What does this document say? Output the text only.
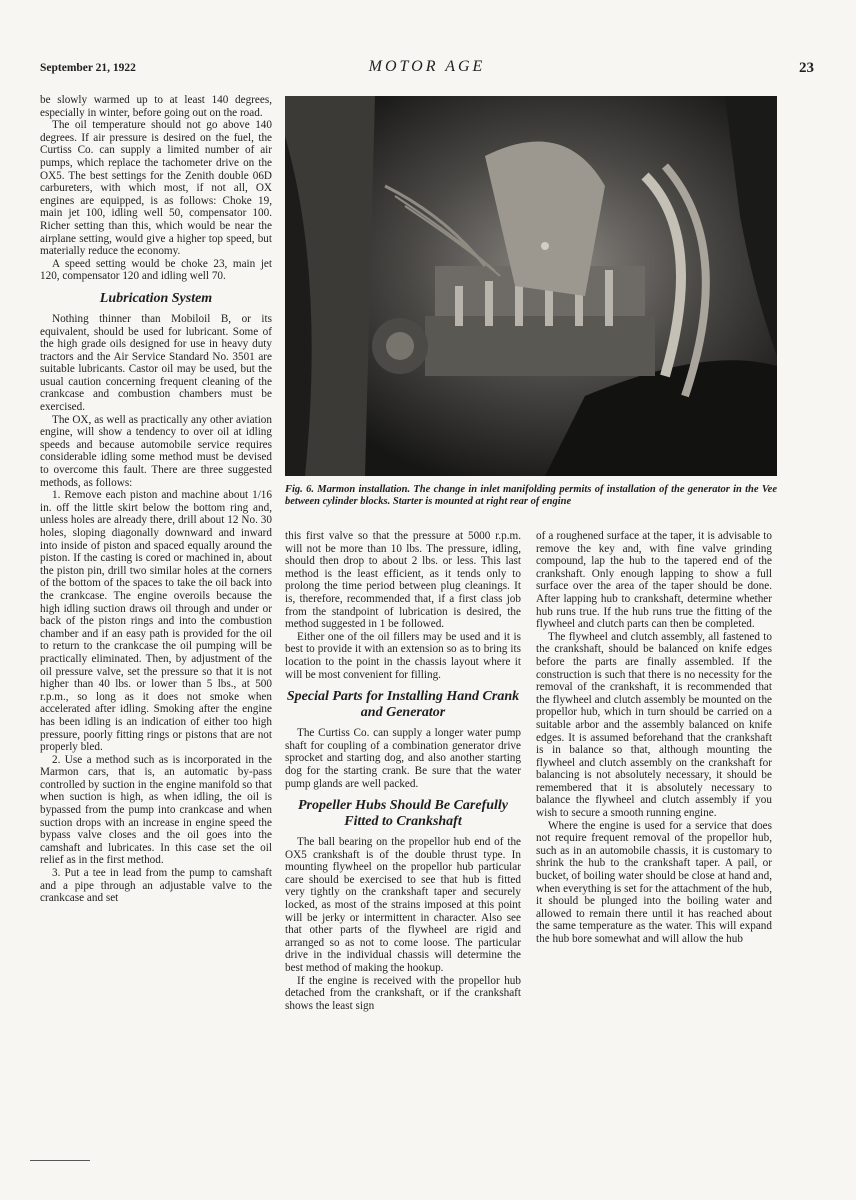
September 21, 1922	MOTOR AGE	23

be slowly warmed up to at least 140 degrees, especially in winter, before going out on the road.

The oil temperature should not go above 140 degrees. If air pressure is desired on the fuel, the Curtiss Co. can supply a limited number of air pumps, which replace the tachometer drive on the OX5. The best settings for the Zenith double 06D carbureters, with which most, if not all, OX engines are equipped, is as follows: Choke 19, main jet 100, idling well 50, compensator 100. Richer setting than this, which would be near the airplane setting, would give a higher top speed, but materially reduce the economy.

A speed setting would be choke 23, main jet 120, compensator 120 and idling well 70.

Lubrication System

Nothing thinner than Mobiloil B, or its equivalent, should be used for lubricant. Some of the high grade oils designed for use in heavy duty tractors and the Air Service Standard No. 3501 are suitable lubricants. Castor oil may be used, but the usual caution concerning frequent cleaning of the crankcase and combustion chambers must be exercised.

The OX, as well as practically any other aviation engine, will show a tendency to over oil at idling speeds and because automobile service requires considerable idling some method must be devised to overcome this fault. There are three suggested methods, as follows:

1. Remove each piston and machine about 1/16 in. off the little skirt below the bottom ring and, unless holes are already there, drill about 12 No. 30 holes, sloping diagonally downward and inward into inside of piston and spaced equally around the piston. If the casting is cored or machined in, about the piston pin, drill two similar holes at the corners of the bottom of the spaces to take the oil back into the crankcase. The engine overoils because the high idling suction draws oil through and under or back of the piston rings and into the combustion chamber and if an easy path is provided for the oil to return to the crankcase the oil pumping will be practically eliminated. Then, by adjustment of the oil pressure valve, set the pressure so that it is not higher than 40 lbs. or lower than 5 lbs., at 500 r.p.m., so long as it does not smoke when accelerated after idling. Smoking after the engine has been idling is an indication of either too high pressure, poorly fitting rings or pistons that are not properly bled.

2. Use a method such as is incorporated in the Marmon cars, that is, an automatic by-pass controlled by suction in the engine manifold so that when suction is high, as when idling, the oil is bypassed from the pump into crankcase and when suction drops with an increase in engine speed the bypass valve closes and the oil goes into the camshaft and lubricates. In this case set the oil relief as in the first method.

3. Put a tee in lead from the pump to camshaft and a pipe through an adjustable valve to the crankcase and set

Fig. 6. Marmon installation. The change in inlet manifolding permits of installation of the generator in the Vee between cylinder blocks. Starter is mounted at right rear of engine

this first valve so that the pressure at 5000 r.p.m. will not be more than 10 lbs. The pressure, idling, should then drop to about 2 lbs. or less. This last method is the least efficient, as it tends only to prolong the time period between plug cleanings. It is, therefore, recommended that, if a first class job from the standpoint of lubrication is desired, the method suggested in 1 be followed.

Either one of the oil fillers may be used and it is best to provide it with an extension so as to bring its location to the point in the chassis layout where it will be most convenient for filling.

Special Parts for Installing Hand Crank and Generator

The Curtiss Co. can supply a longer water pump shaft for coupling of a combination generator drive sprocket and starting dog, and also another starting dog for the starting crank. Be sure that the water pump glands are well packed.

Propeller Hubs Should Be Carefully Fitted to Crankshaft

The ball bearing on the propellor hub end of the OX5 crankshaft is of the double thrust type. In mounting flywheel on the propellor hub particular care should be exercised to see that hub is fitted very tightly on the crankshaft taper and securely locked, as most of the strains imposed at this point will be jerky or intermittent in character. Also see that other parts of the flywheel are rigid and arranged so as not to come loose. The particular drive in the individual chassis will determine the best method of making the hookup.

If the engine is received with the propellor hub detached from the crankshaft, or if the crankshaft shows the least sign

of a roughened surface at the taper, it is advisable to remove the key and, with fine valve grinding compound, lap the hub to the tapered end of the crankshaft. Only enough lapping to show a full surface over the area of the taper should be done. After lapping hub to crankshaft, determine whether hub runs true. If the hub runs true the fitting of the flywheel and clutch parts can then be completed.

The flywheel and clutch assembly, all fastened to the crankshaft, should be balanced on knife edges before the parts are finally assembled. If the construction is such that there is no necessity for the removal of the crankshaft, it is recommended that the flywheel and clutch assembly be mounted on the propellor hub, which in turn should be carried on a suitable arbor and the assembly balanced on knife edges. It is assumed beforehand that the crankshaft is in balance so that, although mounting the flywheel and clutch assembly on the crankshaft for balancing is not absolutely necessary, it should be remembered that it is absolutely necessary to balance the flywheel and clutch assembly if you wish to secure a smooth running engine.

Where the engine is used for a service that does not require frequent removal of the propellor hub, such as in an automobile chassis, it is customary to shrink the hub to the crankshaft taper. A pail, or bucket, of boiling water should be close at hand and, when everything is set for the attachment of the hub, it should be plunged into the boiling water and allowed to remain there until it has reached about the same temperature as the water. This will expand the hub bore somewhat and will allow the hub
